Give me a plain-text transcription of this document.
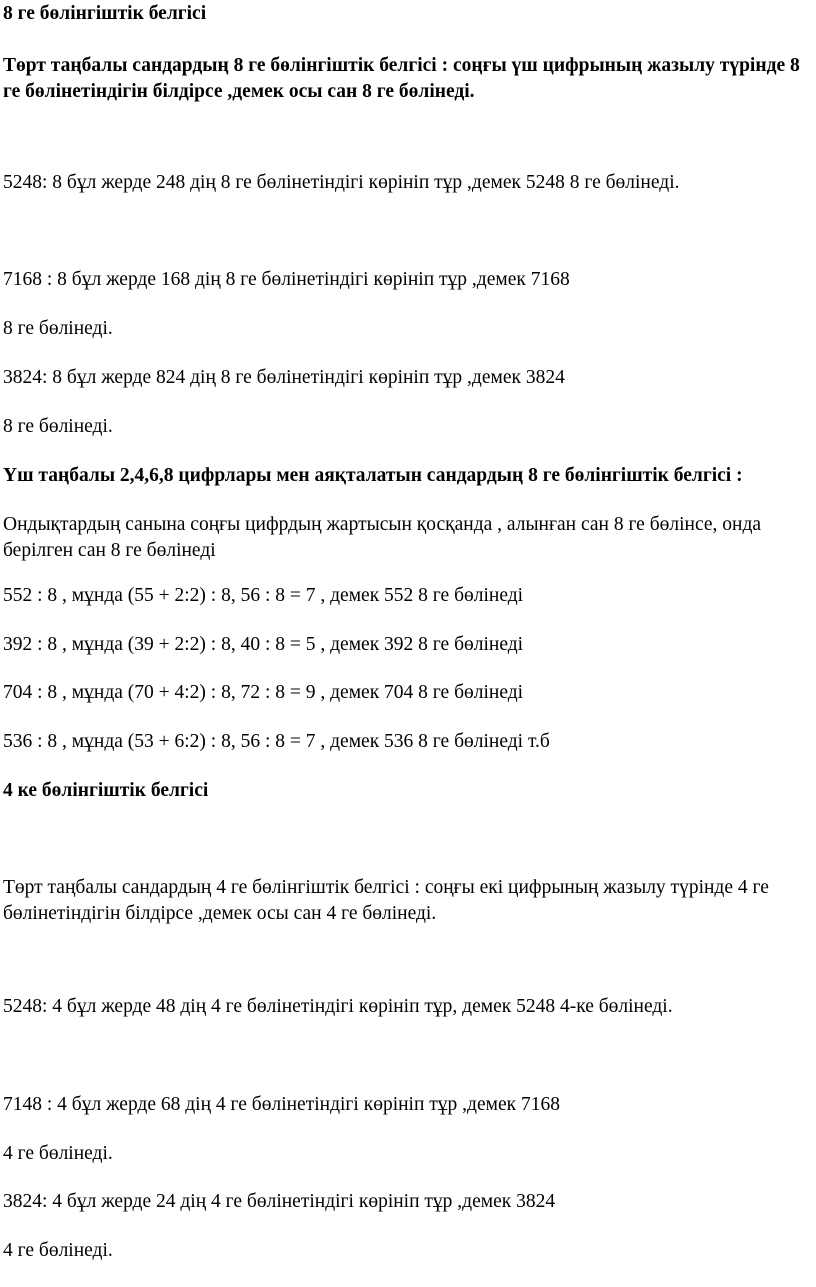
8 ге бөлінгіштік белгісі

Төрт таңбалы сандардың 8 ге бөлінгіштік белгісі : соңғы үш цифрының жазылу түрінде 8 ге бөлінетіндігін білдірсе ,демек осы сан 8 ге бөлінеді.

5248: 8 бұл жерде 248 дің 8 ге бөлінетіндігі көрініп тұр ,демек 5248 8 ге бөлінеді.

7168 : 8 бұл жерде 168 дің 8 ге бөлінетіндігі көрініп тұр ,демек 7168

8 ге бөлінеді.

3824: 8 бұл жерде 824 дің 8 ге бөлінетіндігі көрініп тұр ,демек 3824

8 ге бөлінеді.

Үш таңбалы 2,4,6,8 цифрлары мен аяқталатын сандардың 8 ге бөлінгіштік белгісі :

Ондықтардың санына соңғы цифрдың жартысын қосқанда , алынған сан 8 ге бөлінсе, онда берілген сан 8 ге бөлінеді

552 : 8 , мұнда (55 + 2:2) : 8, 56 : 8 = 7 , демек 552 8 ге бөлінеді

392 : 8 , мұнда (39 + 2:2) : 8, 40 : 8 = 5 , демек 392 8 ге бөлінеді

704 : 8 , мұнда (70 + 4:2) : 8, 72 : 8 = 9 , демек 704 8 ге бөлінеді

536 : 8 , мұнда (53 + 6:2) : 8, 56 : 8 = 7 , демек 536 8 ге бөлінеді т.б

4 ке бөлінгіштік белгісі

Төрт таңбалы сандардың 4 ге бөлінгіштік белгісі : соңғы екі цифрының жазылу түрінде 4 ге бөлінетіндігін білдірсе ,демек осы сан 4 ге бөлінеді.

5248: 4 бұл жерде 48 дің 4 ге бөлінетіндігі көрініп тұр, демек 5248 4-ке бөлінеді.

7148 : 4 бұл жерде 68 дің 4 ге бөлінетіндігі көрініп тұр ,демек 7168

4 ге бөлінеді.

3824: 4 бұл жерде 24 дің 4 ге бөлінетіндігі көрініп тұр ,демек 3824

4 ге бөлінеді.
